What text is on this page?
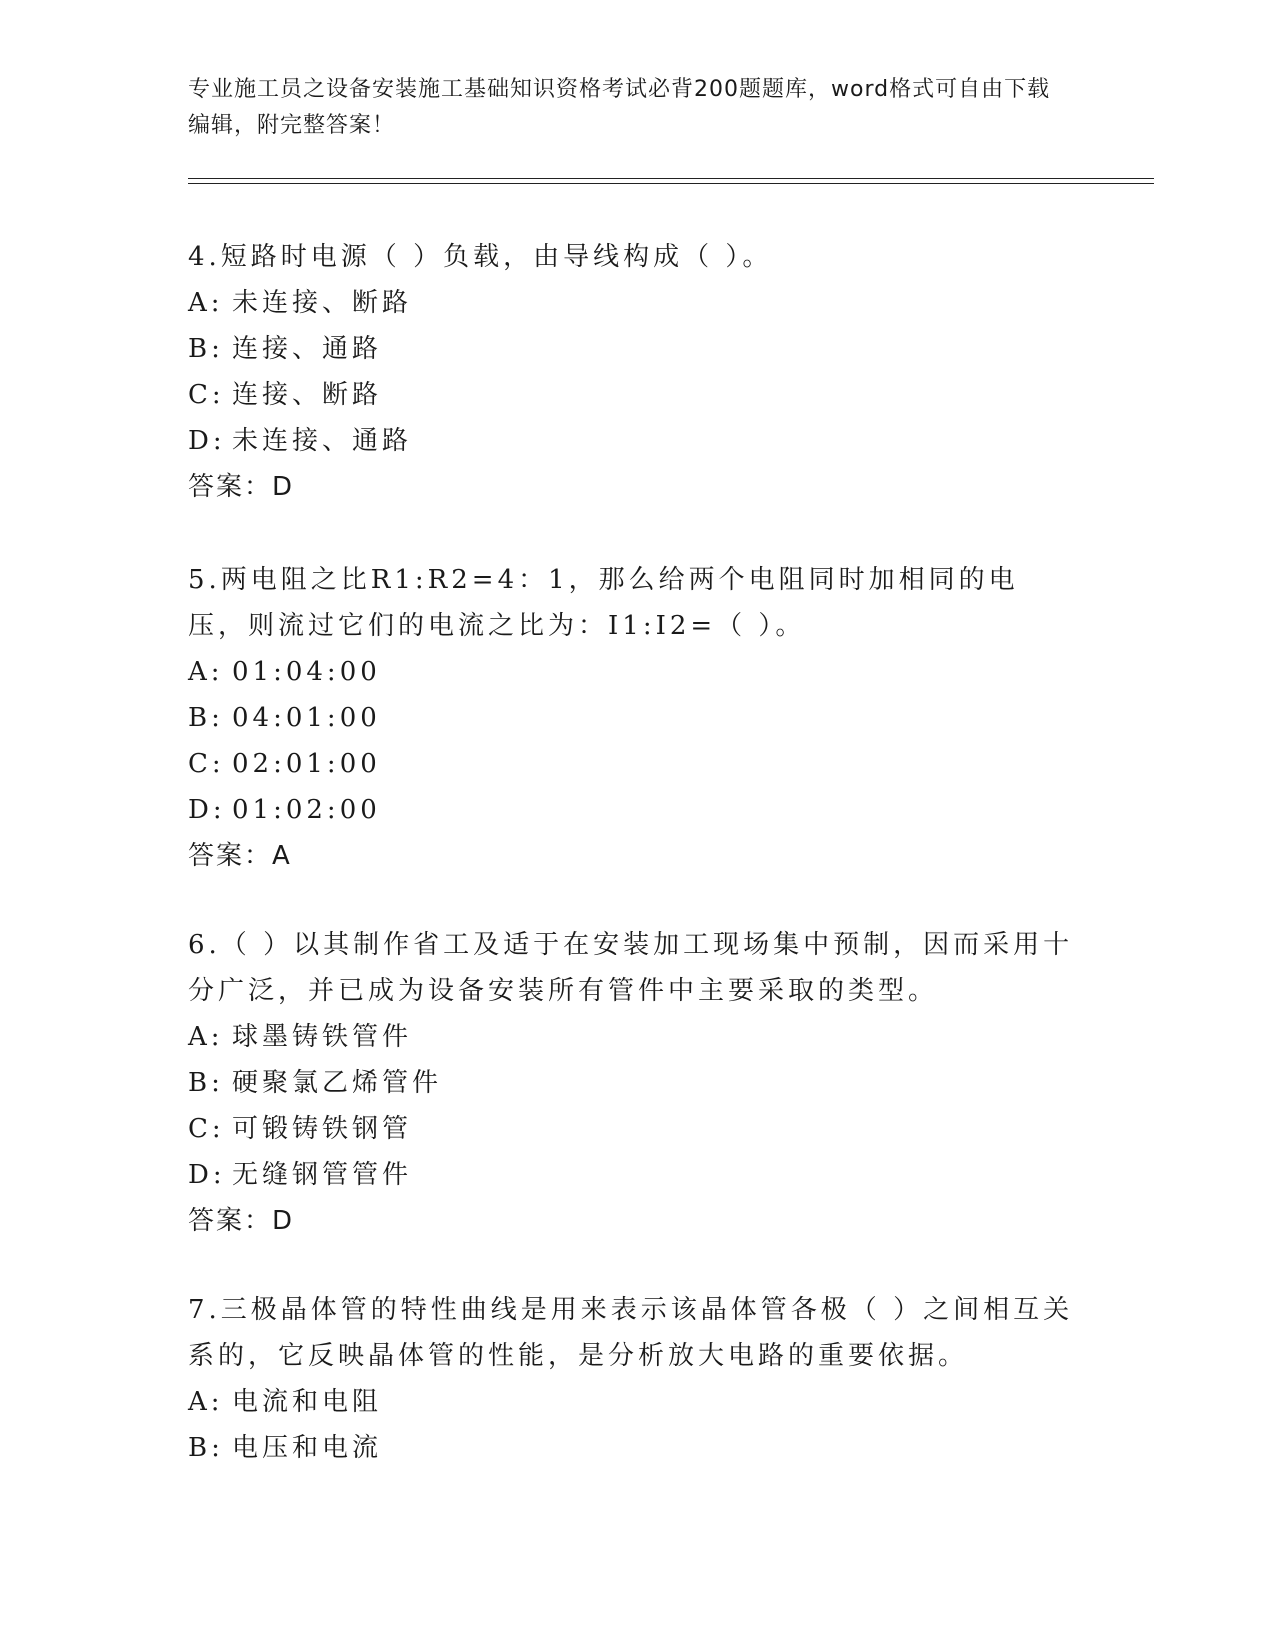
专业施工员之设备安装施工基础知识资格考试必背200题题库，word格式可自由下载编辑，附完整答案！

4.短路时电源（ ）负载，由导线构成（ ）。

A: 未连接、断路
B: 连接、通路
C: 连接、断路
D: 未连接、通路
答案：D

5.两电阻之比R1:R2=4：1，那么给两个电阻同时加相同的电压，则流过它们的电流之比为：I1:I2=（ ）。

A: 01:04:00
B: 04:01:00
C: 02:01:00
D: 01:02:00
答案：A

6.（ ）以其制作省工及适于在安装加工现场集中预制，因而采用十分广泛，并已成为设备安装所有管件中主要采取的类型。

A: 球墨铸铁管件
B: 硬聚氯乙烯管件
C: 可锻铸铁钢管
D: 无缝钢管管件
答案：D

7.三极晶体管的特性曲线是用来表示该晶体管各极（ ）之间相互关系的，它反映晶体管的性能，是分析放大电路的重要依据。

A: 电流和电阻
B: 电压和电流
